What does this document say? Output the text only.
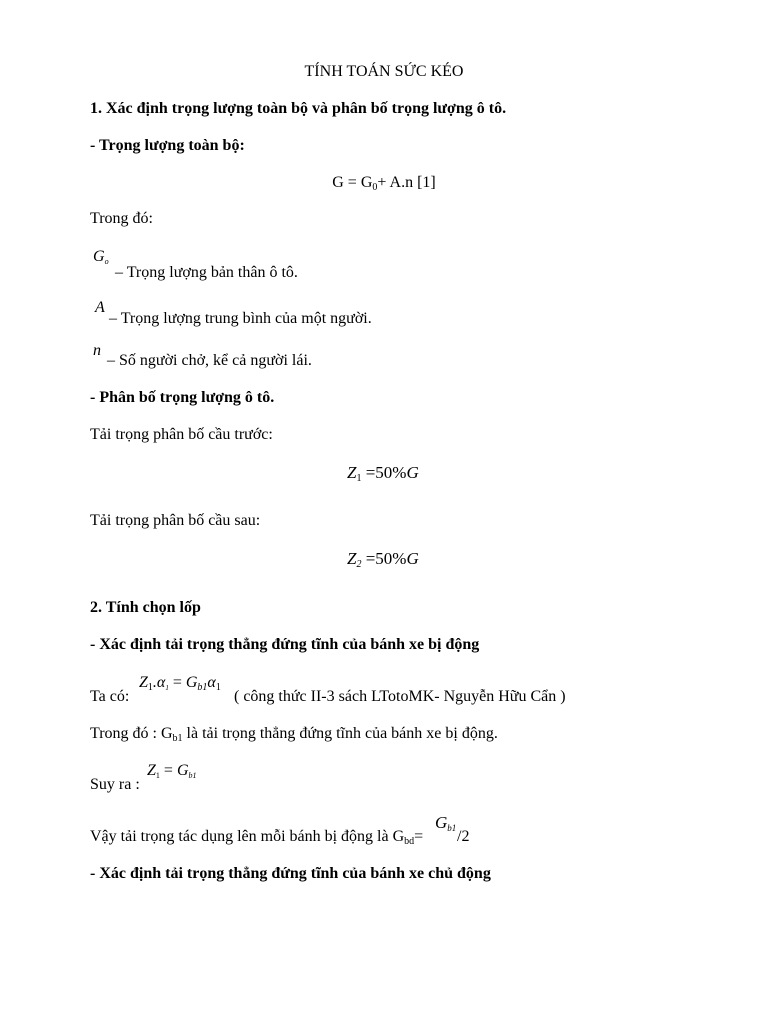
TÍNH TOÁN SỨC KÉO
1. Xác định trọng lượng toàn bộ và phân bố trọng lượng ô tô.
- Trọng lượng toàn bộ:
$G = G_0+ A.n$ [1]
Trong đó:
$G_o$
– Trọng lượng bản thân ô tô.
A
– Trọng lượng trung bình của một người.
n
– Số người chở, kể cả người lái.
- Phân bố trọng lượng ô tô.
Tải trọng phân bố cầu trước:
$Z_1 =50\%G$
Tải trọng phân bố cầu sau:
$Z_2 =50\%G$
2. Tính chọn lốp
- Xác định tải trọng thẳng đứng tĩnh của bánh xe bị động
Ta có:
$Z_1.\alpha_1 = G_{b1}\alpha_1$
( công thức II-3 sách LTotoMK- Nguyễn Hữu Cẩn )
Trong đó : $G_{b1}$ là tải trọng thẳng đứng tĩnh của bánh xe bị động.
Suy ra :
$Z_1 = G_{b1}$
Vậy tải trọng tác dụng lên mỗi bánh bị động là $G_{bd}=$
$G_{b1}$ /2
- Xác định tải trọng thẳng đứng tĩnh của bánh xe chủ động
